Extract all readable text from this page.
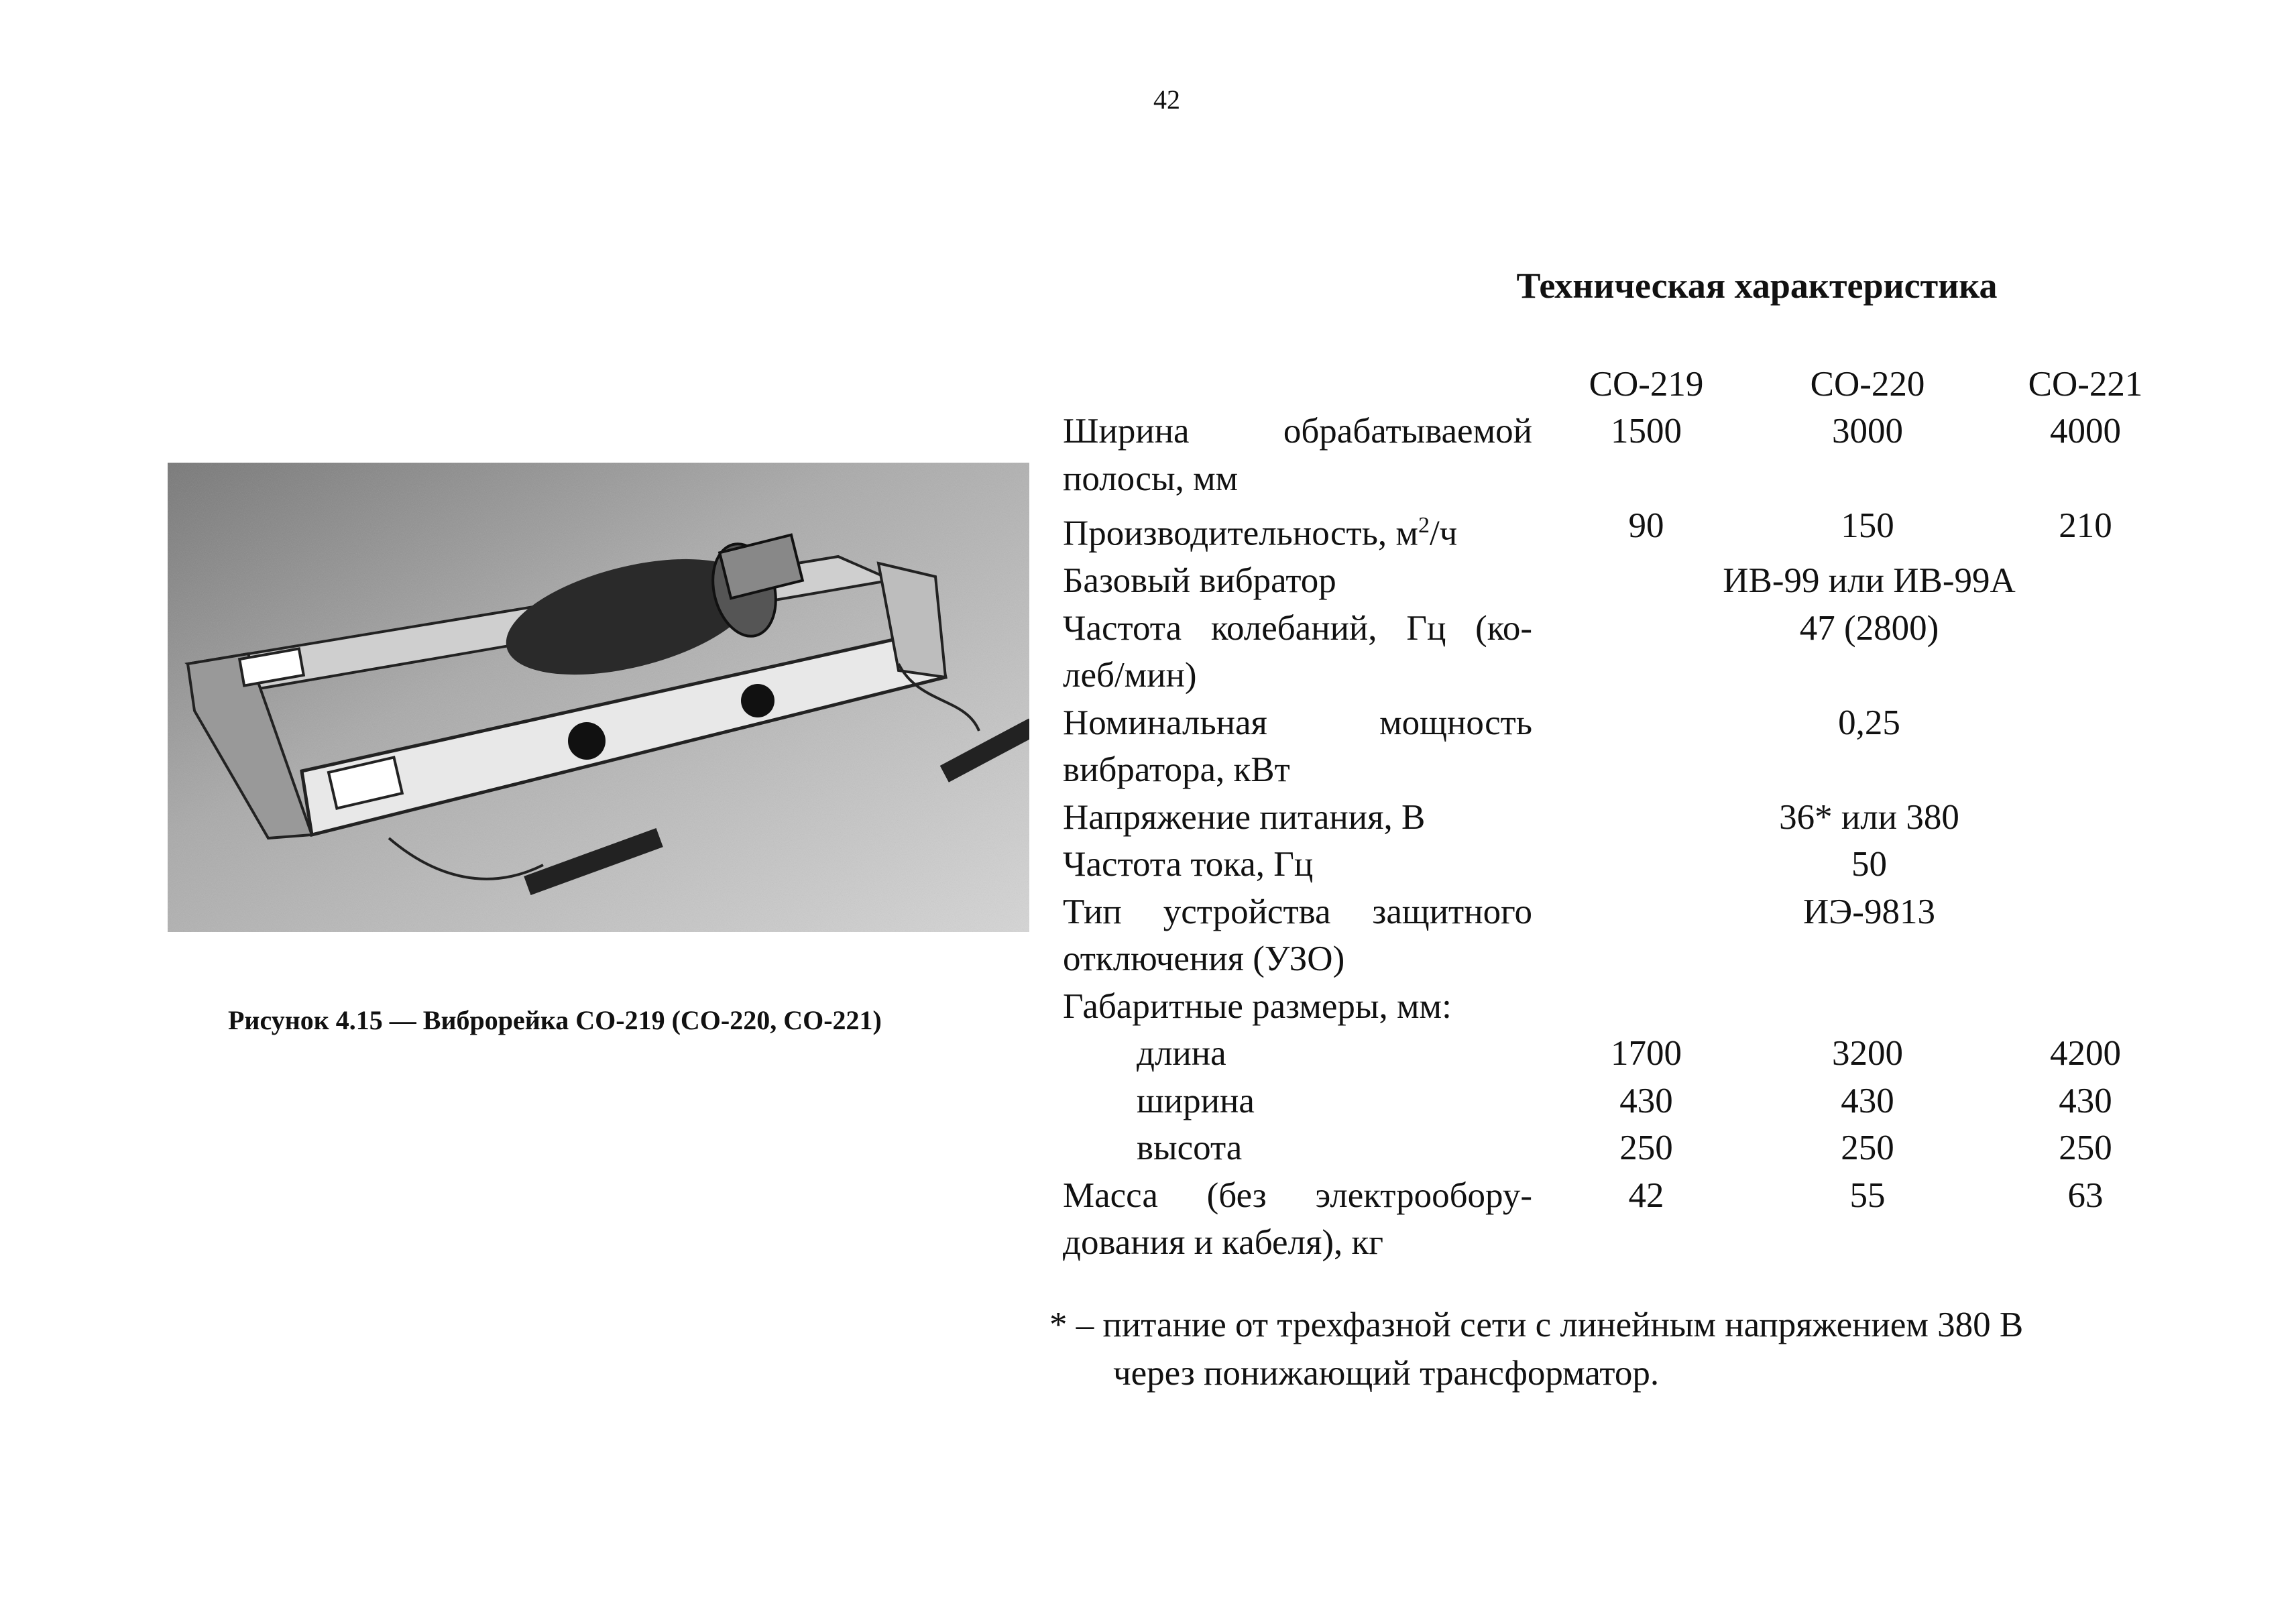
42
Рисунок 4.15 — Виброрейка СО-219 (СО-220, СО-221)
Техническая характеристика
СО-219	СО-220	СО-221
Ширина обрабатываемой	1500	3000	4000
полосы, мм
Производительность, $м^2/ч$	90	150	210
Базовый вибратор	ИВ-99 или ИВ-99А
Частота колебаний, Гц (ко-	47 (2800)
леб/мин)
Номинальная мощность	0,25
вибратора, кВт
Напряжение питания, В	36* или 380
Частота тока, Гц	50
Тип устройства защитного	ИЭ-9813
отключения (УЗО)
Габаритные размеры, мм:
длина	1700	3200	4200
ширина	430	430	430
высота	250	250	250
Масса (без электрообору-	42	55	63
дования и кабеля), кг
* – питание от трехфазной сети с линейным напряжением 380 В
через понижающий трансформатор.
